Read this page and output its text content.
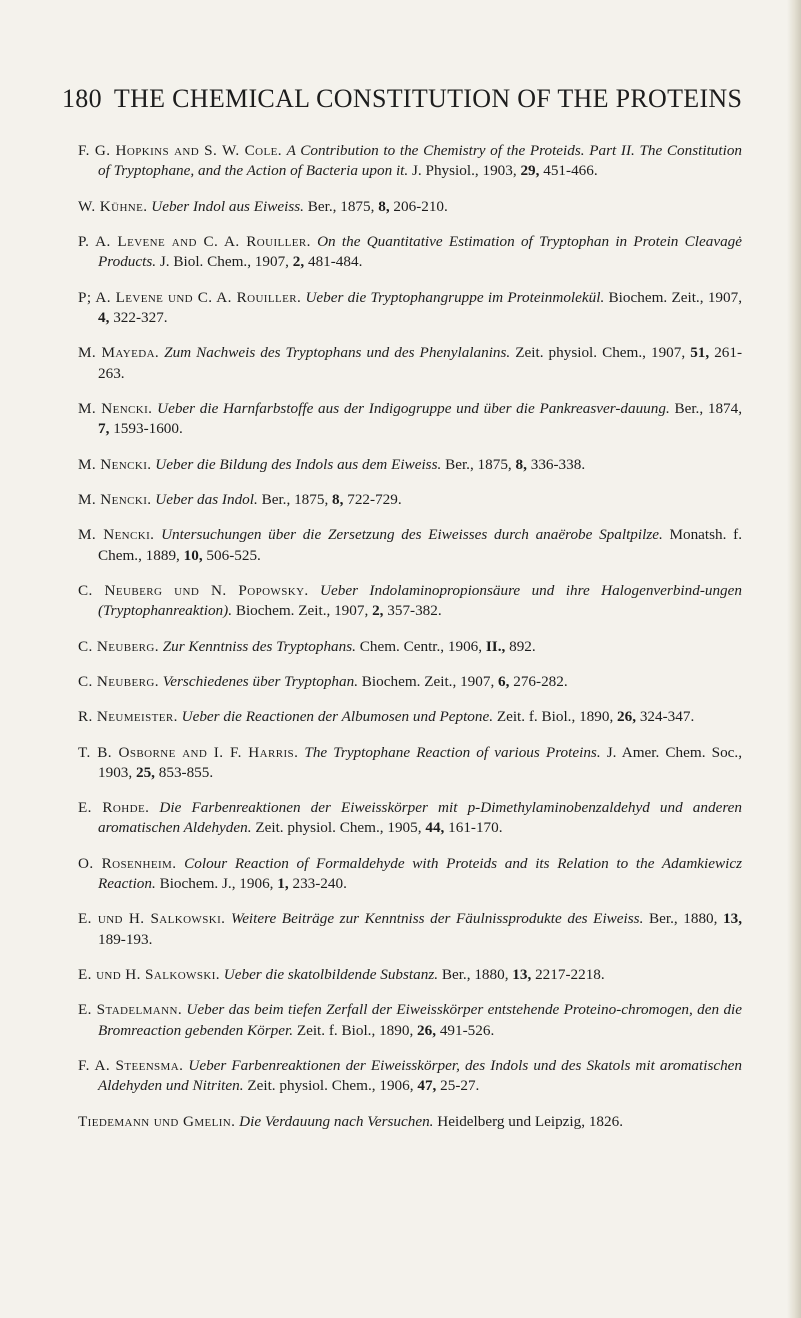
180 THE CHEMICAL CONSTITUTION OF THE PROTEINS

F. G. Hopkins and S. W. Cole. A Contribution to the Chemistry of the Proteids. Part II. The Constitution of Tryptophane, and the Action of Bacteria upon it. J. Physiol., 1903, 29, 451-466.

W. Kühne. Ueber Indol aus Eiweiss. Ber., 1875, 8, 206-210.

P. A. Levene and C. A. Rouiller. On the Quantitative Estimation of Tryptophan in Protein Cleavagė Products. J. Biol. Chem., 1907, 2, 481-484.

P; A. Levene und C. A. Rouiller. Ueber die Tryptophangruppe im Proteinmolekül. Biochem. Zeit., 1907, 4, 322-327.

M. Mayeda. Zum Nachweis des Tryptophans und des Phenylalanins. Zeit. physiol. Chem., 1907, 51, 261-263.

M. Nencki. Ueber die Harnfarbstoffe aus der Indigogruppe und über die Pankreasver-dauung. Ber., 1874, 7, 1593-1600.

M. Nencki. Ueber die Bildung des Indols aus dem Eiweiss. Ber., 1875, 8, 336-338.

M. Nencki. Ueber das Indol. Ber., 1875, 8, 722-729.

M. Nencki. Untersuchungen über die Zersetzung des Eiweisses durch anaërobe Spaltpilze. Monatsh. f. Chem., 1889, 10, 506-525.

C. Neuberg und N. Popowsky. Ueber Indolaminopropionsäure und ihre Halogenverbind-ungen (Tryptophanreaktion). Biochem. Zeit., 1907, 2, 357-382.

C. Neuberg. Zur Kenntniss des Tryptophans. Chem. Centr., 1906, II., 892.

C. Neuberg. Verschiedenes über Tryptophan. Biochem. Zeit., 1907, 6, 276-282.

R. Neumeister. Ueber die Reactionen der Albumosen und Peptone. Zeit. f. Biol., 1890, 26, 324-347.

T. B. Osborne and I. F. Harris. The Tryptophane Reaction of various Proteins. J. Amer. Chem. Soc., 1903, 25, 853-855.

E. Rohde. Die Farbenreaktionen der Eiweisskörper mit p-Dimethylaminobenzaldehyd und anderen aromatischen Aldehyden. Zeit. physiol. Chem., 1905, 44, 161-170.

O. Rosenheim. Colour Reaction of Formaldehyde with Proteids and its Relation to the Adamkiewicz Reaction. Biochem. J., 1906, 1, 233-240.

E. und H. Salkowski. Weitere Beiträge zur Kenntniss der Fäulnissprodukte des Eiweiss. Ber., 1880, 13, 189-193.

E. und H. Salkowski. Ueber die skatolbildende Substanz. Ber., 1880, 13, 2217-2218.

E. Stadelmann. Ueber das beim tiefen Zerfall der Eiweisskörper entstehende Proteino-chromogen, den die Bromreaction gebenden Körper. Zeit. f. Biol., 1890, 26, 491-526.

F. A. Steensma. Ueber Farbenreaktionen der Eiweisskörper, des Indols und des Skatols mit aromatischen Aldehyden und Nitriten. Zeit. physiol. Chem., 1906, 47, 25-27.

Tiedemann und Gmelin. Die Verdauung nach Versuchen. Heidelberg und Leipzig, 1826.
